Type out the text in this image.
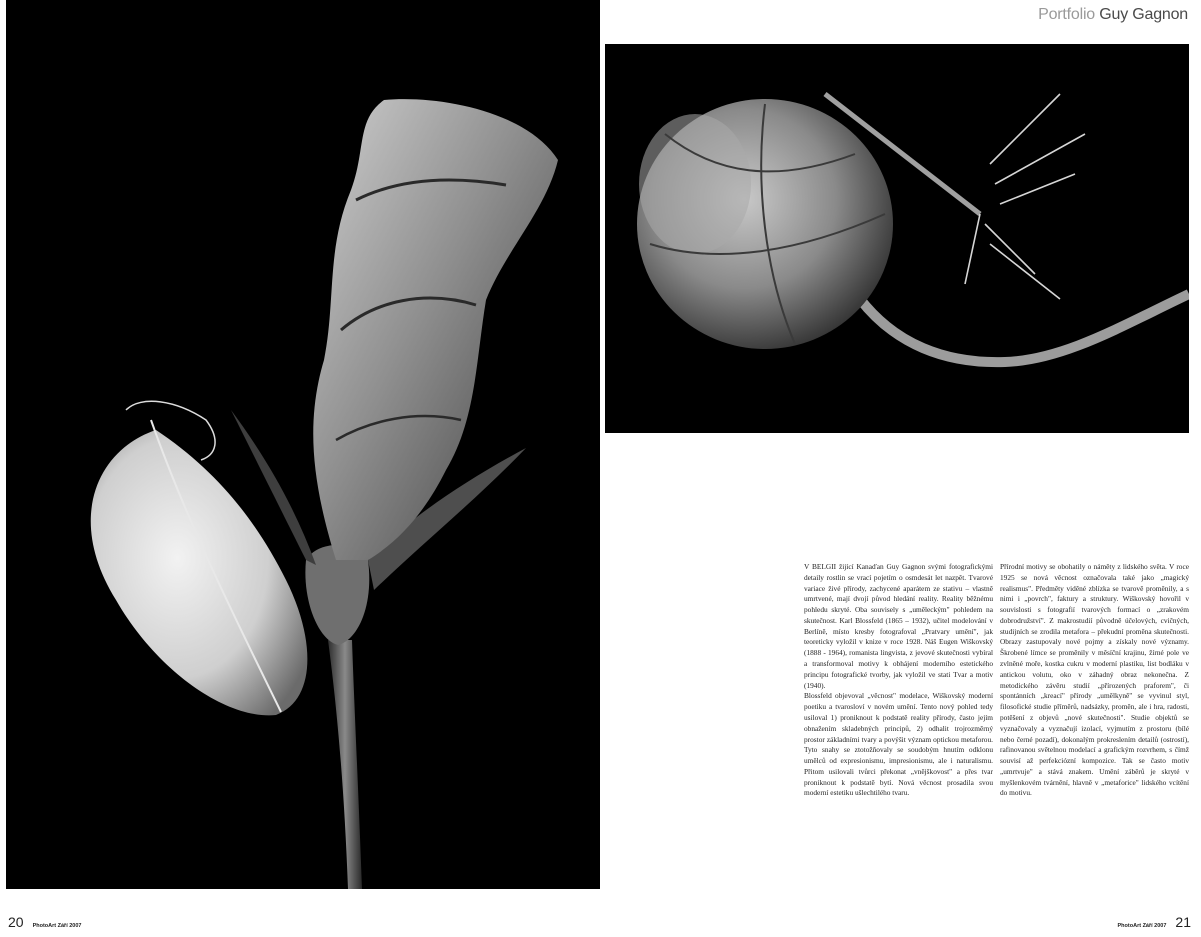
Portfolio Guy Gagnon

V BELGII žijící Kanaďan Guy Gagnon svými fotografickými detaily rostlin se vrací pojetím o osmdesát let nazpět. Tvarové variace živé přírody, zachycené aparátem ze stativu – vlastně umrtvené, mají dvojí původ hledání reality. Reality běžnému pohledu skryté. Oba souvisely s „uměleckým" pohledem na skutečnost. Karl Blossfeld (1865 – 1932), učitel modelování v Berlíně, místo kresby fotografoval „Pratvary umění", jak teoreticky vyložil v knize v roce 1928. Náš Eugen Wiškovský (1888 - 1964), romanista lingvista, z jevové skutečnosti vybíral a transformoval motivy k obhájení moderního estetického principu fotografické tvorby, jak vyložil ve stati Tvar a motiv (1940).

Blossfeld objevoval „věcnost" modelace, Wiškovský moderní poetiku a tvarosloví v novém umění. Tento nový pohled tedy usiloval 1) proniknout k podstatě reality přírody, často jejím obnažením skladebných principů, 2) odhalit trojrozměrný prostor základními tvary a povýšit význam optickou metaforou. Tyto snahy se ztotožňovaly se soudobým hnutím odklonu umělců od expresionismu, impresionismu, ale i naturalismu. Přitom usilovali tvůrci překonat „vnějškovost" a přes tvar proniknout k podstatě bytí. Nová věcnost prosadila svou moderní estetiku ušlechtilého tvaru.

Přírodní motivy se obohatily o náměty z lidského světa. V roce 1925 se nová věcnost označovala také jako „magický realismus". Předměty viděné zblízka se tvarově proměnily, a s nimi i „povrch", faktury a struktury. Wiškovský hovořil v souvislosti s fotografií tvarových formací o „zrakovém dobrodružství". Z makrostudií původně účelových, cvičných, studijních se zrodila metafora – překudní proměna skutečnosti. Obrazy zastupovaly nové pojmy a získaly nové významy. Škrobené límce se proměnily v měsíční krajinu, žírné pole ve zvlněné moře, kostka cukru v moderní plastiku, list bodláku v antickou volutu, oko v záhadný obraz nekonečna. Z metodického závěru studií „přírozených praforem", či spontánních „kreací" přírody „umělkyně" se vyvinul styl, filosofické studie příměrů, nadsázky, proměn, ale i hra, radosti, potěšení z objevů „nové skutečnosti". Studie objektů se vyznačovaly a vyznačují izolací, vyjmutím z prostoru (bílé nebo černé pozadí), dokonalým prokreslením detailů (ostrostí), rafinovanou světelnou modelací a grafickým rozvrhem, s čímž souvisí až perfekciózní kompozice. Tak se často motiv „umrtvuje" a stává znakem. Umění záběrů je skryté v myšlenkovém tvárnění, hlavně v „metaforice" lidského vcítění do motivu.

20 PhotoArt Září 2007	PhotoArt Září 2007 21
